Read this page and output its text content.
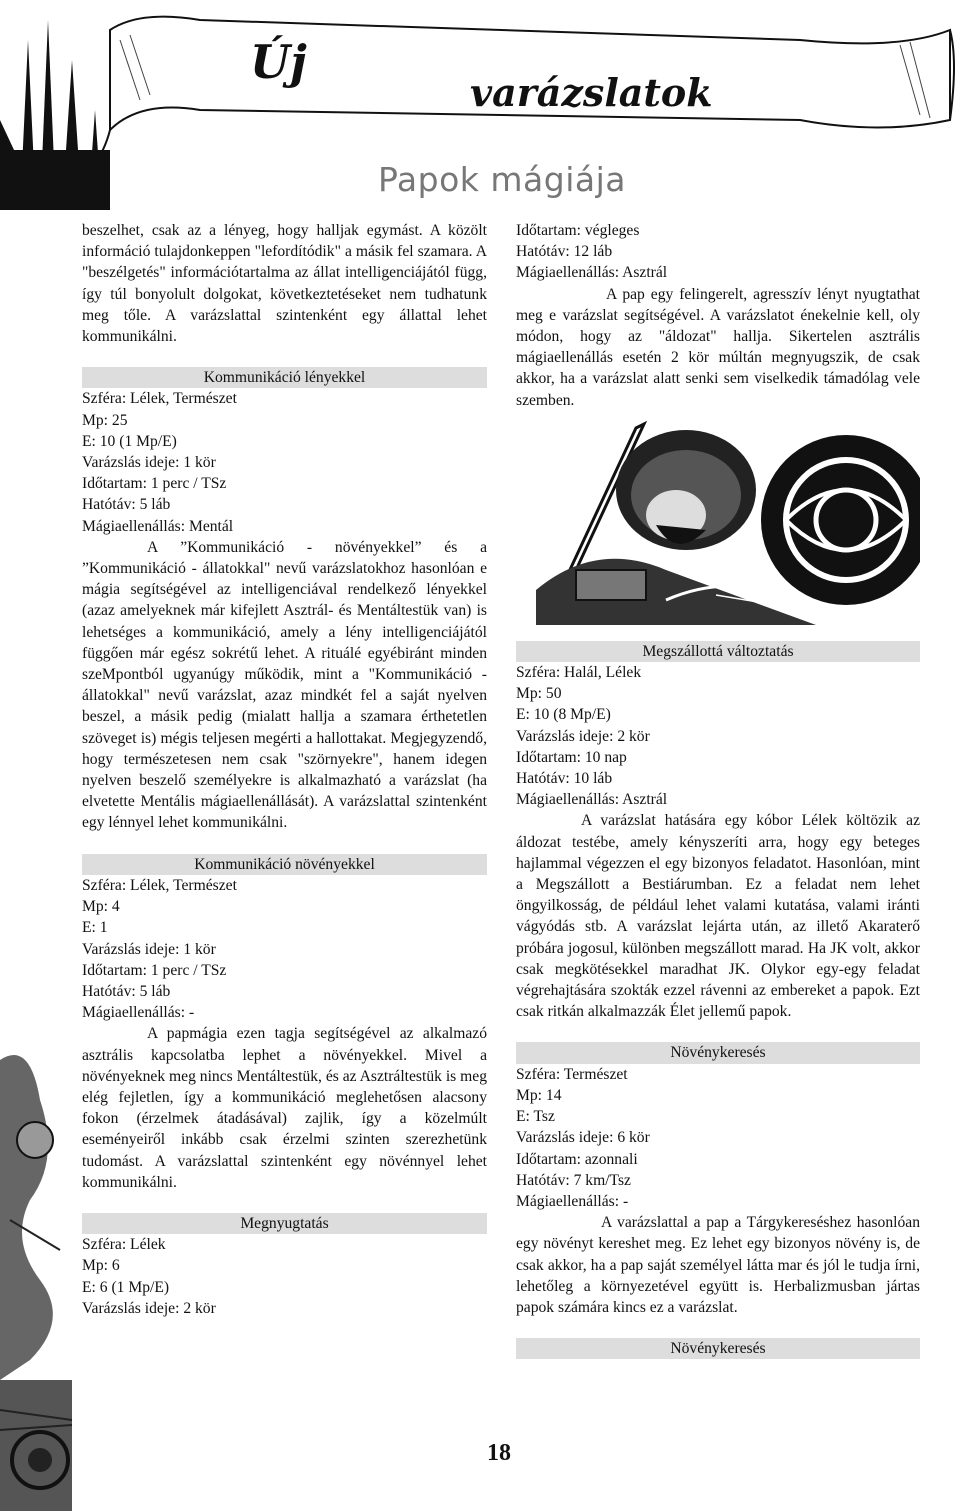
Új
varázslatok
Papok mágiája

beszelhet, csak az a lényeg, hogy halljak egymást. A közölt információ tulajdonkeppen "lefordítódik" a másik fel szamara. A "beszélgetés" információtartalma az állat intelligenciájától függ, így túl bonyolult dolgokat, következtetéseket nem tudhatunk meg tőle. A varázslattal szintenként egy állattal lehet kommunikálni.

Kommunikáció lényekkel

Szféra: Lélek, Természet

Mp: 25

E: 10 (1 Mp/E)

Varázslás ideje: 1 kör

Időtartam: 1 perc / TSz

Hatótáv: 5 láb

Mágiaellenállás: Mentál

A ”Kommunikáció - növényekkel” és a ”Kommunikáció - állatokkal" nevű varázslatokhoz hasonlóan e mágia segítségével az intelligenciával rendelkező lényekkel (azaz amelyeknek már kifejlett Asztrál- és Mentáltestük van) is lehetséges a kommunikáció, amely a lény intelligenciájától függően már egész sokrétű lehet. A rituálé egyébiránt minden szeMpontból ugyanúgy működik, mint a "Kommunikáció - állatokkal" nevű varázslat, azaz mindkét fel a saját nyelven beszel, a másik pedig (mialatt hallja a szamara érthetetlen szöveget is) mégis teljesen megérti a hallottakat. Megjegyzendő, hogy természetesen nem csak "szörnyekre", hanem idegen nyelven beszelő személyekre is alkalmazható a varázslat (ha elvetette Mentális mágiaellenállását). A varázslattal szintenként egy lénnyel lehet kommunikálni.

Kommunikáció növényekkel

Szféra: Lélek, Természet

Mp: 4

E: 1

Varázslás ideje: 1 kör

Időtartam: 1 perc / TSz

Hatótáv: 5 láb

Mágiaellenállás: -

A papmágia ezen tagja segítségével az alkalmazó asztrális kapcsolatba lephet a növényekkel. Mivel a növényeknek meg nincs Mentáltestük, és az Asztráltestük is meg elég fejletlen, így a kommunikáció meglehetősen alacsony fokon (érzelmek átadásával) zajlik, így a közelmúlt eseményeiről inkább csak érzelmi szinten szerezhetünk tudomást. A varázslattal szintenként egy növénnyel lehet kommunikálni.

Megnyugtatás

Szféra: Lélek

Mp: 6

E: 6 (1 Mp/E)

Varázslás ideje: 2 kör

Időtartam: végleges

Hatótáv: 12 láb

Mágiaellenállás: Asztrál

A pap egy felingerelt, agresszív lényt nyugtathat meg e varázslat segítségével. A varázslatot énekelnie kell, oly módon, hogy az "áldozat" hallja. Sikertelen asztrális mágiaellenállás esetén 2 kör múltán megnyugszik, de csak akkor, ha a varázslat alatt senki sem viselkedik támadólag vele szemben.

Megszállottá változtatás

Szféra: Halál, Lélek

Mp: 50

E: 10 (8 Mp/E)

Varázslás ideje: 2 kör

Időtartam: 10 nap

Hatótáv: 10 láb

Mágiaellenállás: Asztrál

A varázslat hatására egy kóbor Lélek költözik az áldozat testébe, amely kényszeríti arra, hogy egy beteges hajlammal végezzen el egy bizonyos feladatot. Hasonlóan, mint a Megszállott a Bestiárumban. Ez a feladat nem lehet öngyilkosság, de például lehet valami kutatása, valami iránti vágyódás stb. A varázslat lejárta után, az illető Akaraterő próbára jogosul, különben megszállott marad. Ha JK volt, akkor csak megkötésekkel maradhat JK. Olykor egy-egy feladat végrehajtására szokták ezzel rávenni az embereket a papok. Ezt csak ritkán alkalmazzák Élet jellemű papok.

Növénykeresés

Szféra: Természet

Mp: 14

E: Tsz

Varázslás ideje: 6 kör

Időtartam: azonnali

Hatótáv: 7 km/Tsz

Mágiaellenállás: -

A varázslattal a pap a Tárgykereséshez hasonlóan egy növényt kereshet meg. Ez lehet egy bizonyos növény is, de csak akkor, ha a pap saját személyel látta mar és jól le tudja írni, lehetőleg a környezetével együtt is. Herbalizmusban jártas papok számára kincs ez a varázslat.

Növénykeresés

18
